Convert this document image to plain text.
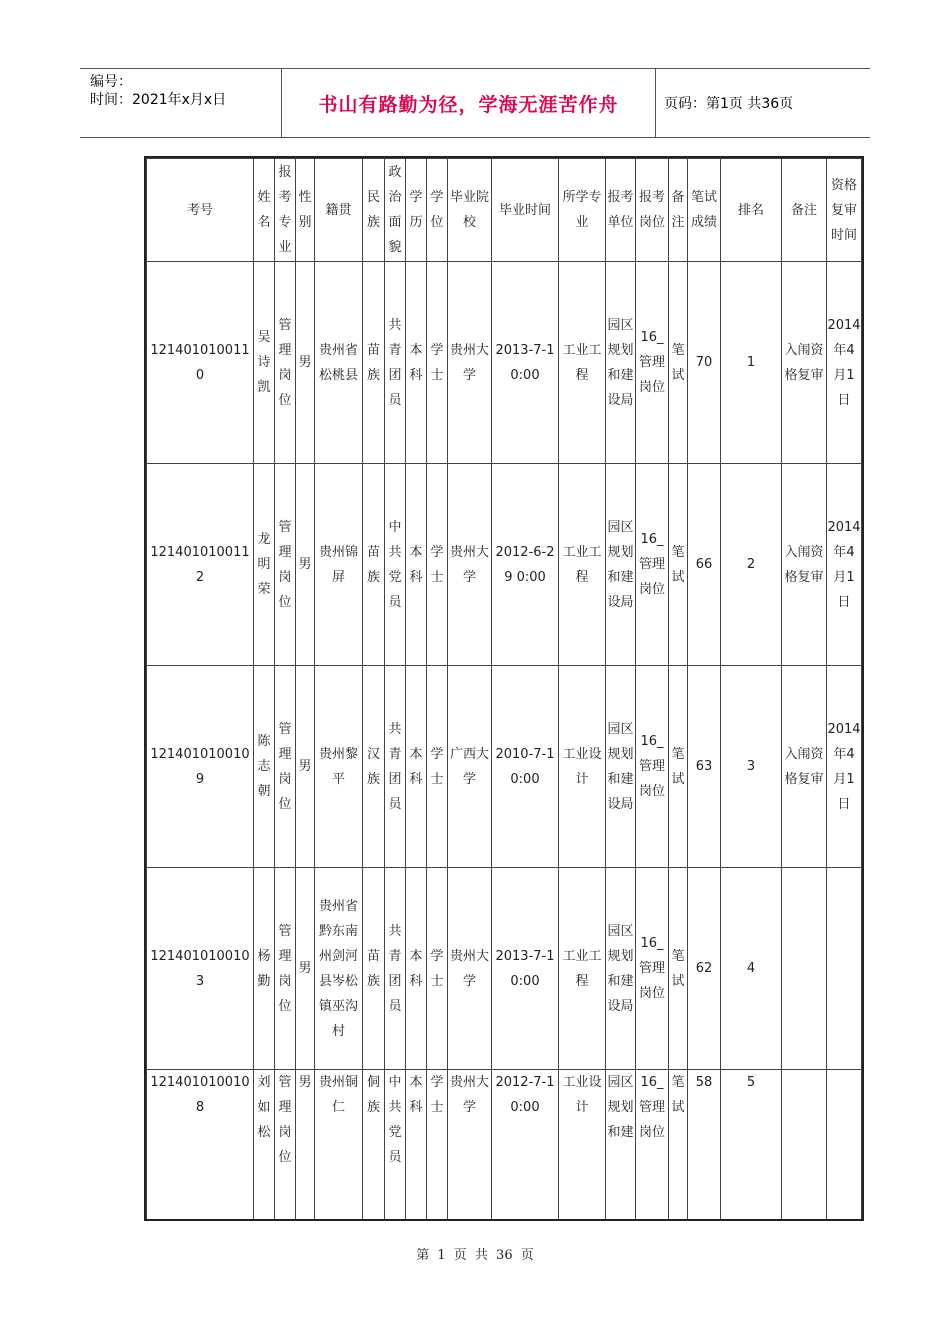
编号：
时间：2021年x月x日	书山有路勤为径，学海无涯苦作舟	页码：第1页 共36页
考号	姓名	报考专业	性别	籍贯	民族	政治面貌	学历	学位	毕业院校	毕业时间	所学专业	报考单位	报考岗位	备注	笔试成绩	排名	备注	资格复审时间
1214010100110	吴诗凯	管理岗位	男	贵州省松桃县	苗族	共青团员	本科	学士	贵州大学	2013-7-1 0:00	工业工程	园区规划和建设局	16_管理岗位	笔试	70	1	入闱资格复审	2014年4月1日
1214010100112	龙明荣	管理岗位	男	贵州锦屏	苗族	中共党员	本科	学士	贵州大学	2012-6-29 0:00	工业工程	园区规划和建设局	16_管理岗位	笔试	66	2	入闱资格复审	2014年4月1日
1214010100109	陈志朝	管理岗位	男	贵州黎平	汉族	共青团员	本科	学士	广西大学	2010-7-1 0:00	工业设计	园区规划和建设局	16_管理岗位	笔试	63	3	入闱资格复审	2014年4月1日
1214010100103	杨勤	管理岗位	男	贵州省黔东南州剑河县岑松镇巫沟村	苗族	共青团员	本科	学士	贵州大学	2013-7-1 0:00	工业工程	园区规划和建设局	16_管理岗位	笔试	62	4		
1214010100108	刘如松	管理岗位	男	贵州铜仁	侗族	中共党员	本科	学士	贵州大学	2012-7-1 0:00	工业设计	园区规划和建	16_管理岗位	笔试	58	5		
第 1 页 共 36 页
